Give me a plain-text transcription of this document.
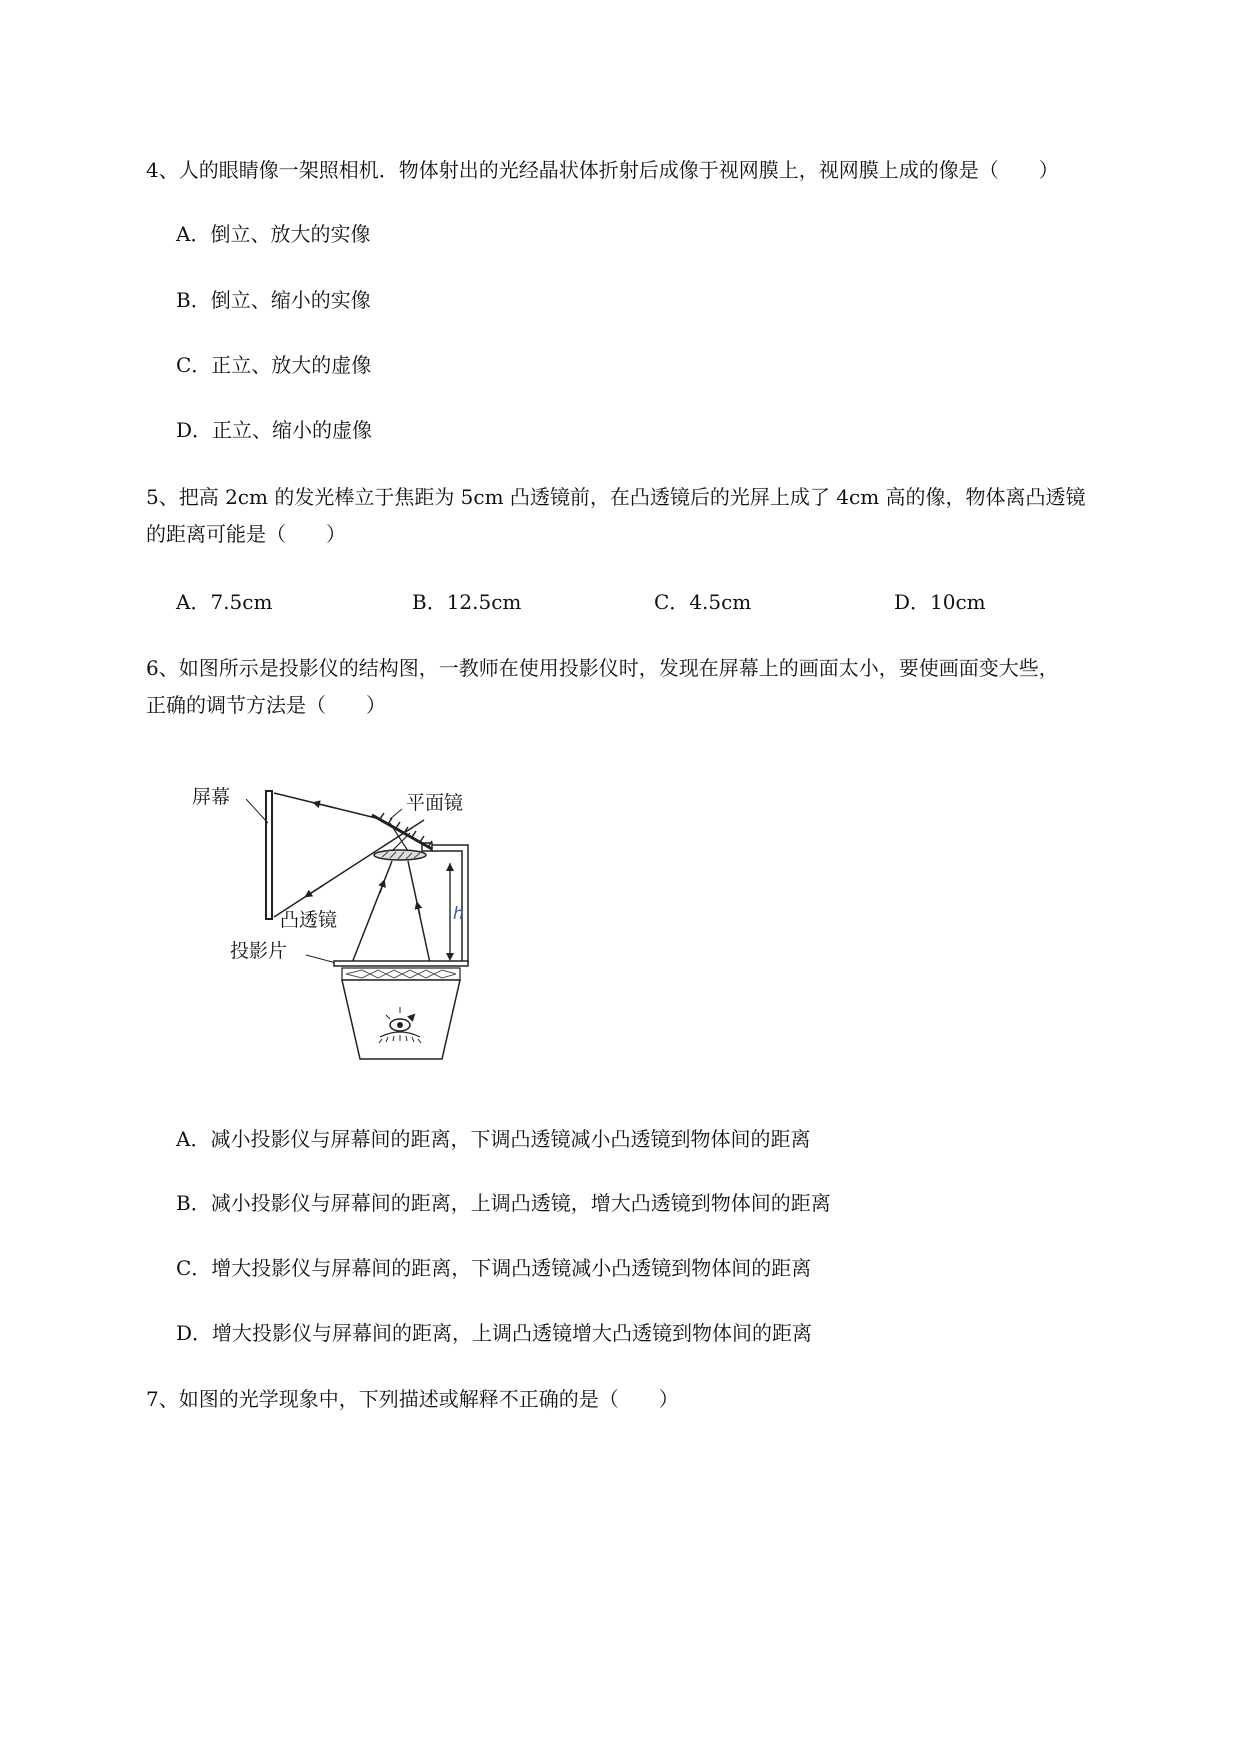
4、人的眼睛像一架照相机．物体射出的光经晶状体折射后成像于视网膜上，视网膜上成的像是（　　）
A．倒立、放大的实像
B．倒立、缩小的实像
C．正立、放大的虚像
D．正立、缩小的虚像
5、把高 2cm 的发光棒立于焦距为 5cm 凸透镜前，在凸透镜后的光屏上成了 4cm 高的像，物体离凸透镜
的距离可能是（　　）
A．7.5cm	B．12.5cm	C．4.5cm	D．10cm
6、如图所示是投影仪的结构图，一教师在使用投影仪时，发现在屏幕上的画面太小，要使画面变大些，
正确的调节方法是（　　）
屏幕	平面镜
凸透镜	h
投影片
A．减小投影仪与屏幕间的距离，下调凸透镜减小凸透镜到物体间的距离
B．减小投影仪与屏幕间的距离，上调凸透镜，增大凸透镜到物体间的距离
C．增大投影仪与屏幕间的距离，下调凸透镜减小凸透镜到物体间的距离
D．增大投影仪与屏幕间的距离，上调凸透镜增大凸透镜到物体间的距离
7、如图的光学现象中，下列描述或解释不正确的是（　　）
